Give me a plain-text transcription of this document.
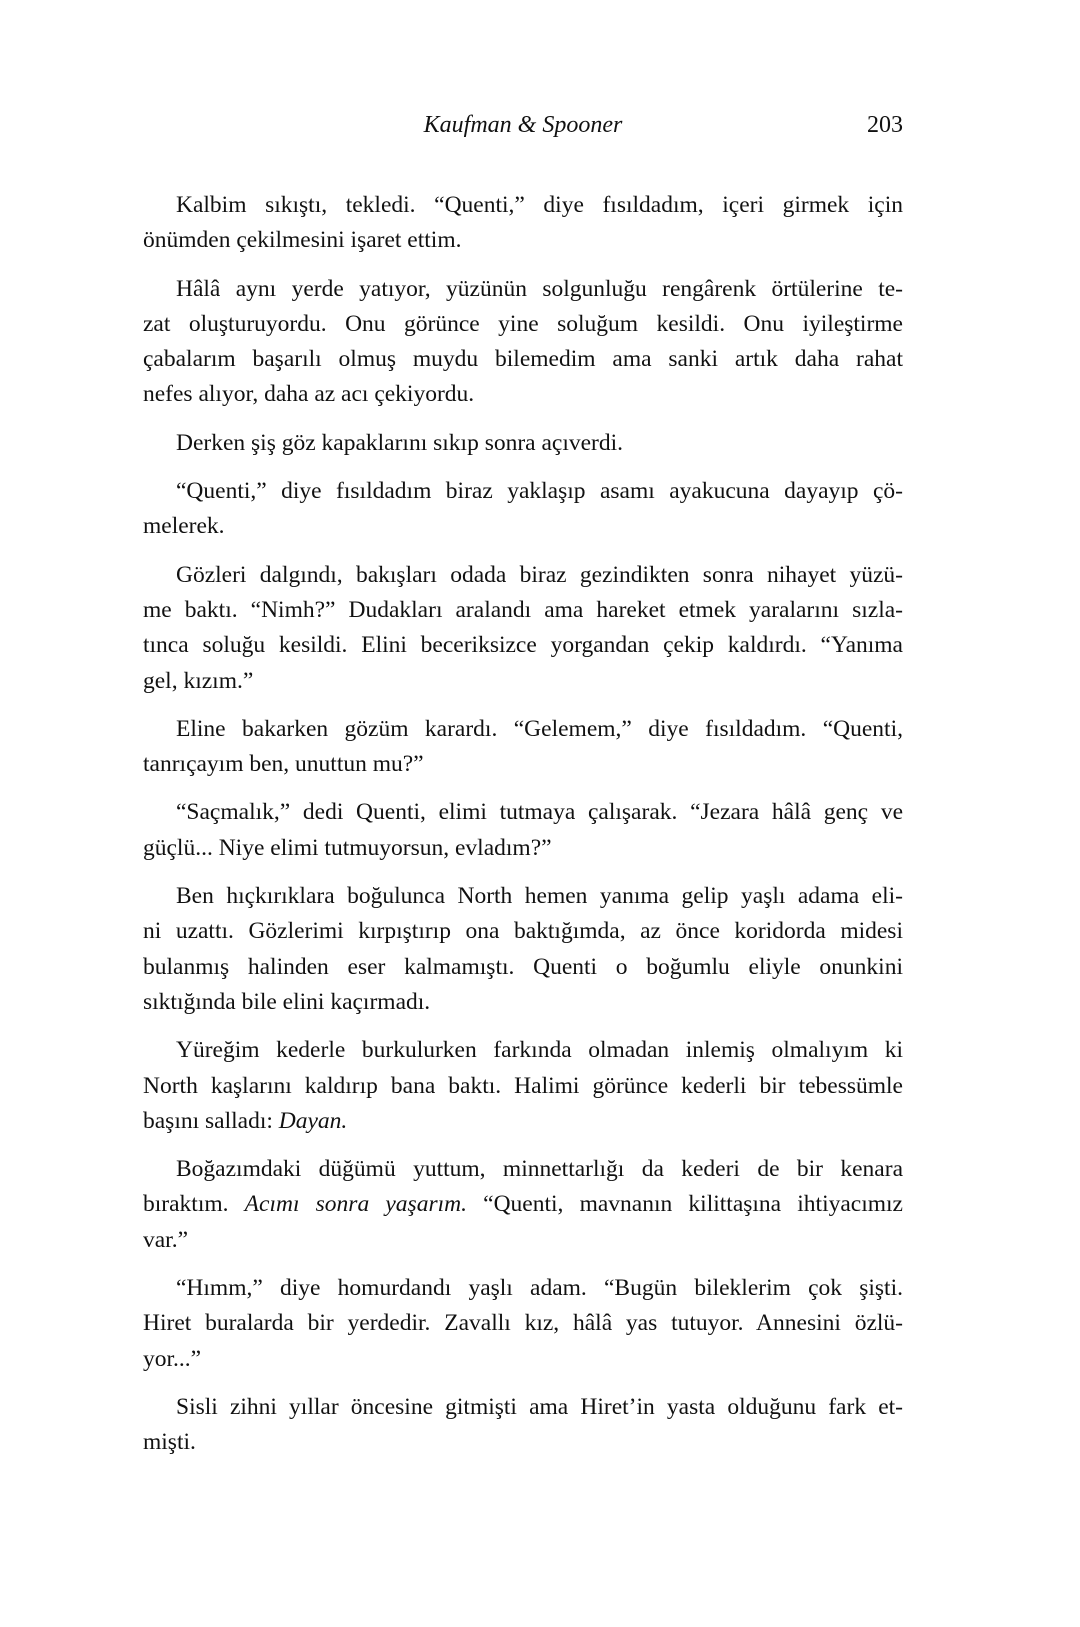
Kaufman & Spooner	203
Kalbim sıkıştı, tekledi. “Quenti,” diye fısıldadım, içeri girmek için
önümden çekilmesini işaret ettim.
Hâlâ aynı yerde yatıyor, yüzünün solgunluğu rengârenk örtülerine te-
zat oluşturuyordu. Onu görünce yine soluğum kesildi. Onu iyileştirme
çabalarım başarılı olmuş muydu bilemedim ama sanki artık daha rahat
nefes alıyor, daha az acı çekiyordu.
Derken şiş göz kapaklarını sıkıp sonra açıverdi.
“Quenti,” diye fısıldadım biraz yaklaşıp asamı ayakucuna dayayıp çö-
melerek.
Gözleri dalgındı, bakışları odada biraz gezindikten sonra nihayet yüzü-
me baktı. “Nimh?” Dudakları aralandı ama hareket etmek yaralarını sızla-
tınca soluğu kesildi. Elini beceriksizce yorgandan çekip kaldırdı. “Yanıma
gel, kızım.”
Eline bakarken gözüm karardı. “Gelemem,” diye fısıldadım. “Quenti,
tanrıçayım ben, unuttun mu?”
“Saçmalık,” dedi Quenti, elimi tutmaya çalışarak. “Jezara hâlâ genç ve
güçlü... Niye elimi tutmuyorsun, evladım?”
Ben hıçkırıklara boğulunca North hemen yanıma gelip yaşlı adama eli-
ni uzattı. Gözlerimi kırpıştırıp ona baktığımda, az önce koridorda midesi
bulanmış halinden eser kalmamıştı. Quenti o boğumlu eliyle onunkini
sıktığında bile elini kaçırmadı.
Yüreğim kederle burkulurken farkında olmadan inlemiş olmalıyım ki
North kaşlarını kaldırıp bana baktı. Halimi görünce kederli bir tebessümle
başını salladı: Dayan.
Boğazımdaki düğümü yuttum, minnettarlığı da kederi de bir kenara
bıraktım. Acımı sonra yaşarım. “Quenti, mavnanın kilittaşına ihtiyacımız
var.”
“Hımm,” diye homurdandı yaşlı adam. “Bugün bileklerim çok şişti.
Hiret buralarda bir yerdedir. Zavallı kız, hâlâ yas tutuyor. Annesini özlü-
yor...”
Sisli zihni yıllar öncesine gitmişti ama Hiret’in yasta olduğunu fark et-
mişti.
